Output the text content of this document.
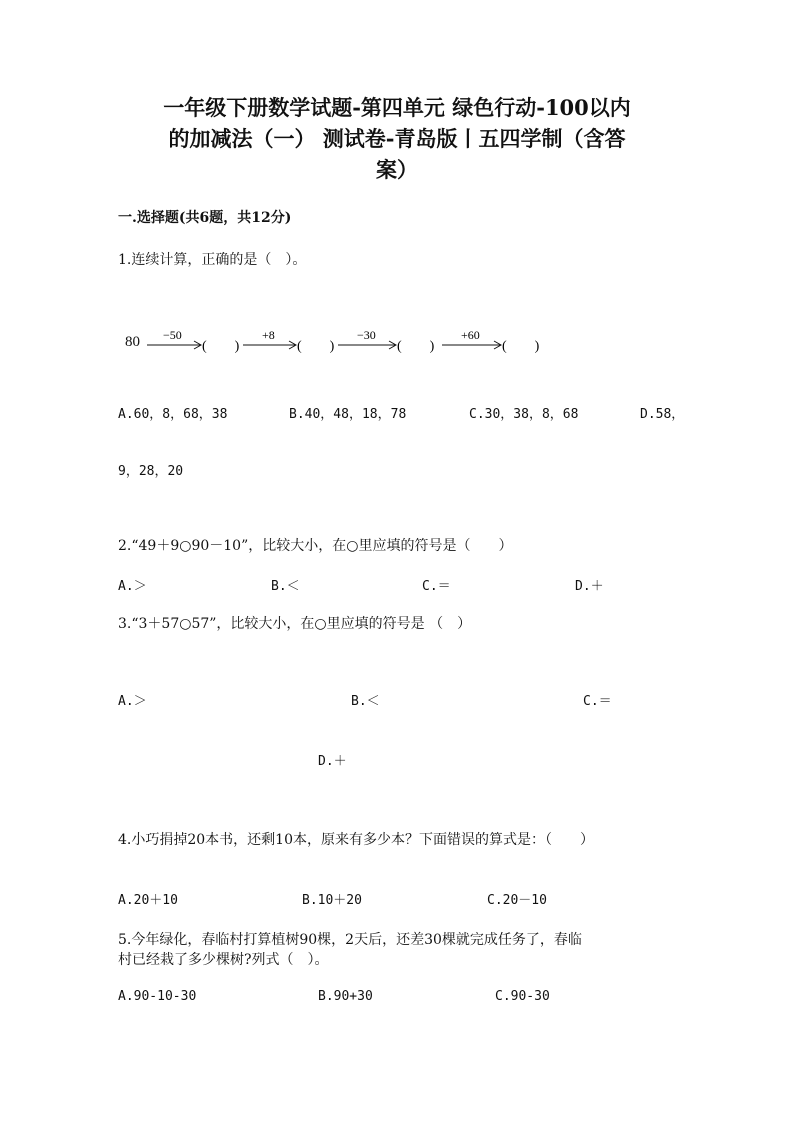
一年级下册数学试题-第四单元 绿色行动-100以内
的加减法（一） 测试卷-青岛版丨五四学制（含答
案）
一.选择题(共6题，共12分)
1.连续计算，正确的是（　）。
80 −50
(　　)
+8
(　　)
−30
(　　)
+60
(　　)
A.60，8，68，38	B.40，48，18，78	C.30，38，8，68	D.58，
9，28，20
2.“49＋9○90－10”，比较大小，在○里应填的符号是（　　）
A.＞	B.＜	C.＝	D.＋
3.“3＋57○57”，比较大小，在○里应填的符号是 （　）
A.＞	B.＜	C.＝
D.＋
4.小巧捐掉20本书，还剩10本，原来有多少本？下面错误的算式是：（　　）
A.20＋10	B.10＋20	C.20－10
5.今年绿化，春临村打算植树90棵，2天后，还差30棵就完成任务了，春临
村已经栽了多少棵树?列式（　）。
A.90-10-30	B.90+30	C.90-30
